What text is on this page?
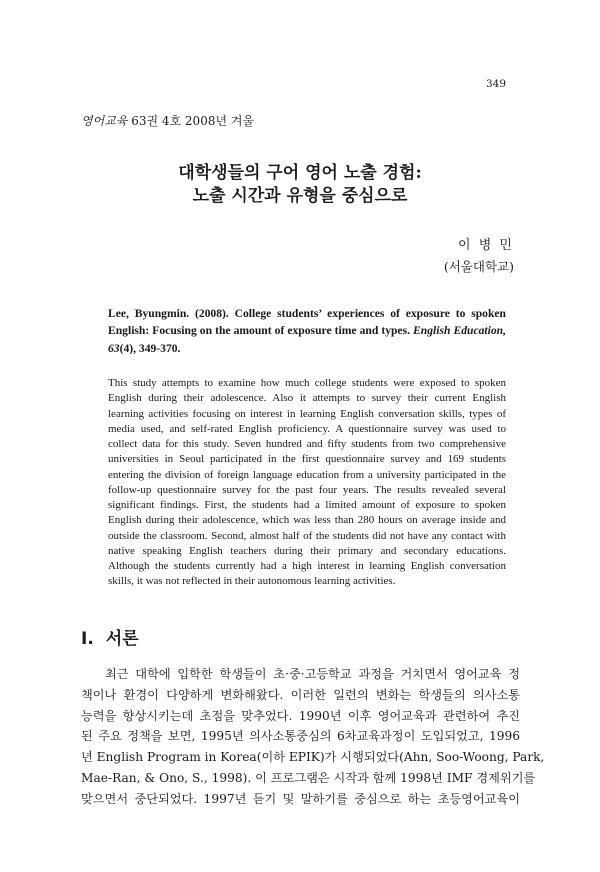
349
영어교육 63권 4호 2008년 겨울
대학생들의 구어 영어 노출 경험:
노출 시간과 유형을 중심으로
이 병 민
(서울대학교)
Lee, Byungmin. (2008). College students’ experiences of exposure to spoken English: Focusing on the amount of exposure time and types. English Education, 63(4), 349-370.
This study attempts to examine how much college students were exposed to spoken
English during their adolescence. Also it attempts to survey their current English
learning activities focusing on interest in learning English conversation skills, types of
media used, and self-rated English proficiency. A questionnaire survey was used to
collect data for this study. Seven hundred and fifty students from two comprehensive
universities in Seoul participated in the first questionnaire survey and 169 students
entering the division of foreign language education from a university participated in the
follow-up questionnaire survey for the past four years. The results revealed several
significant findings. First, the students had a limited amount of exposure to spoken
English during their adolescence, which was less than 280 hours on average inside and
outside the classroom. Second, almost half of the students did not have any contact with
native speaking English teachers during their primary and secondary educations.
Although the students currently had a high interest in learning English conversation
skills, it was not reflected in their autonomous learning activities.
I. 서론
최근 대학에 입학한 학생들이 초·중·고등학교 과정을 거치면서 영어교육 정
책이나 환경이 다양하게 변화해왔다. 이러한 일련의 변화는 학생들의 의사소통
능력을 향상시키는데 초점을 맞추었다. 1990년 이후 영어교육과 관련하여 추진
된 주요 정책을 보면, 1995년 의사소통중심의 6차교육과정이 도입되었고, 1996
년 English Program in Korea(이하 EPIK)가 시행되었다(Ahn, Soo-Woong, Park,
Mae-Ran, & Ono, S., 1998). 이 프로그램은 시작과 함께 1998년 IMF 경제위기를
맞으면서 중단되었다. 1997년 듣기 및 말하기를 중심으로 하는 초등영어교육이
